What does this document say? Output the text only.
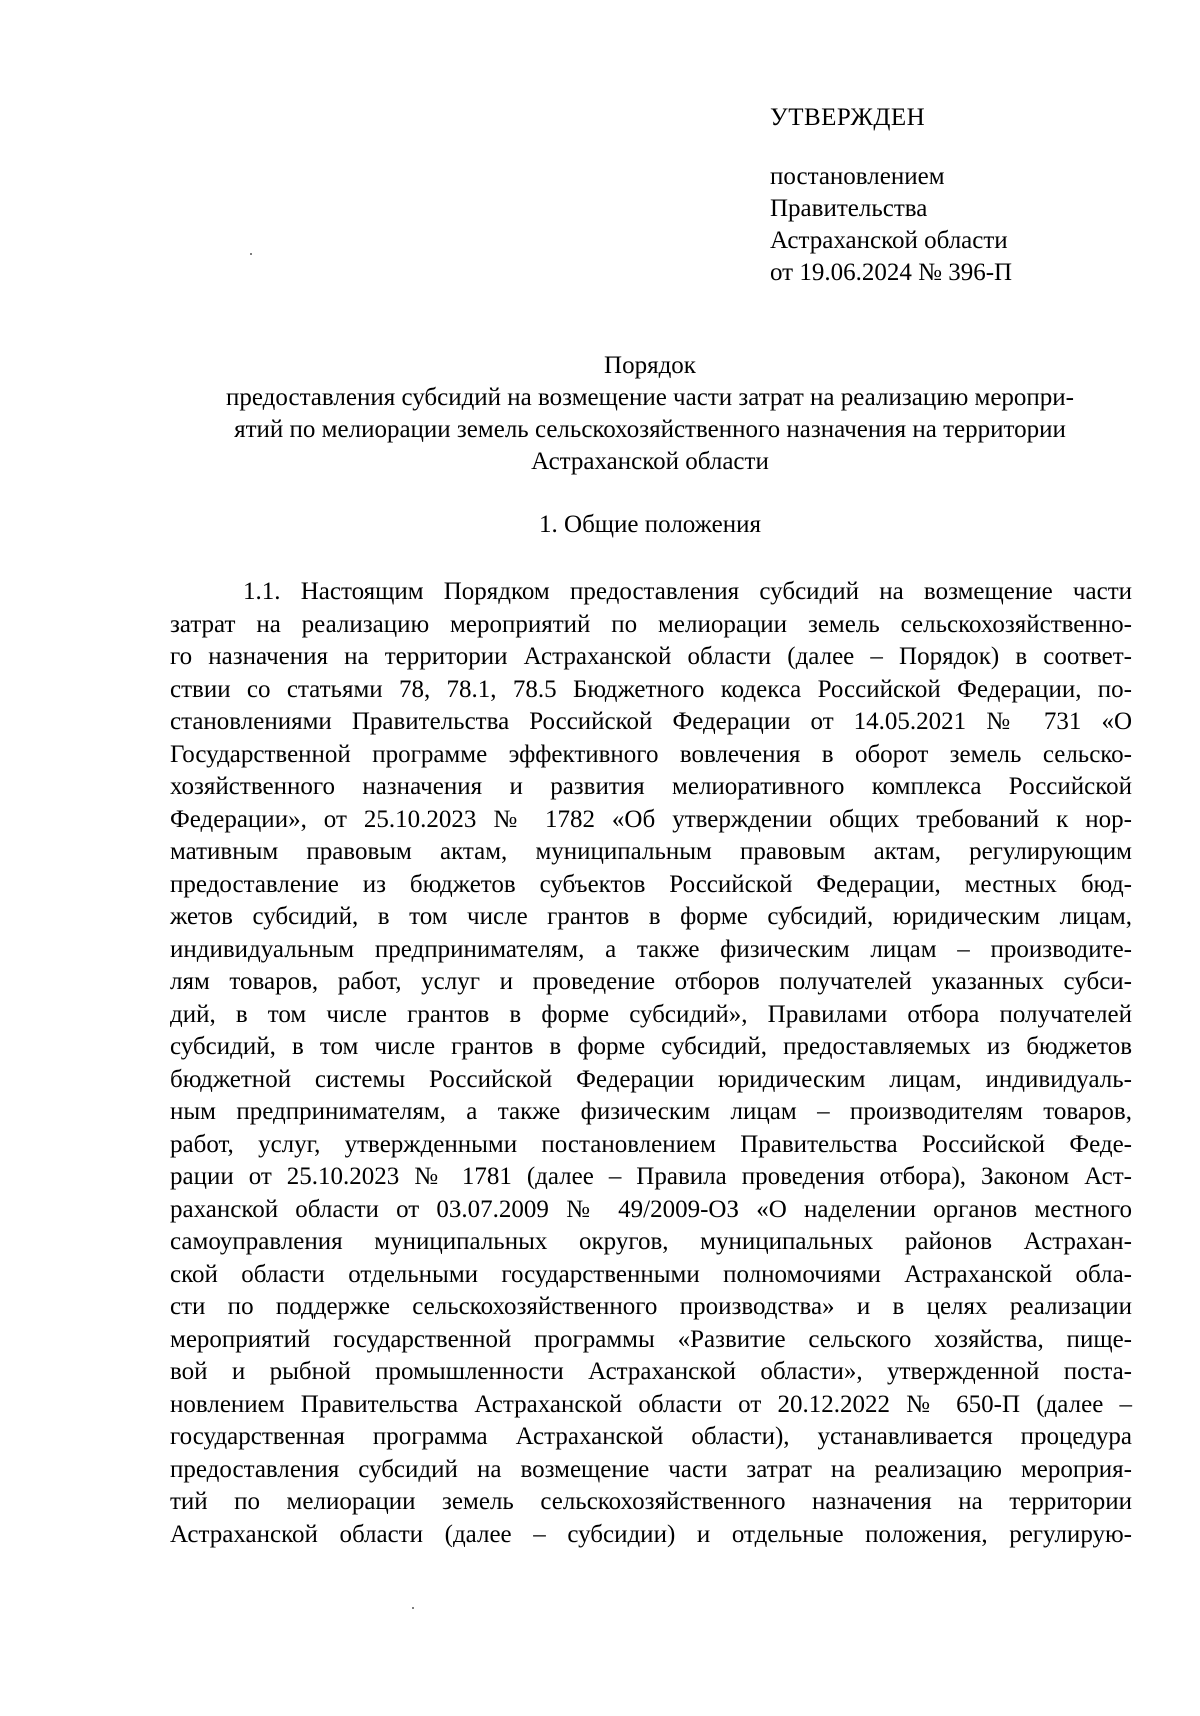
УТВЕРЖДЕН

постановлением

Правительства

Астраханской области

от 19.06.2024 № 396-П

Порядок
предоставления субсидий на возмещение части затрат на реализацию меропри-
ятий по мелиорации земель сельскохозяйственного назначения на территории
Астраханской области

1. Общие положения

1.1. Настоящим Порядком предоставления субсидий на возмещение части
затрат на реализацию мероприятий по мелиорации земель сельскохозяйственно-
го назначения на территории Астраханской области (далее – Порядок) в соответ-
ствии со статьями 78, 78.1, 78.5 Бюджетного кодекса Российской Федерации, по-
становлениями Правительства Российской Федерации от 14.05.2021 № 731 «О
Государственной программе эффективного вовлечения в оборот земель сельско-
хозяйственного назначения и развития мелиоративного комплекса Российской
Федерации», от 25.10.2023 № 1782 «Об утверждении общих требований к нор-
мативным правовым актам, муниципальным правовым актам, регулирующим
предоставление из бюджетов субъектов Российской Федерации, местных бюд-
жетов субсидий, в том числе грантов в форме субсидий, юридическим лицам,
индивидуальным предпринимателям, а также физическим лицам – производите-
лям товаров, работ, услуг и проведение отборов получателей указанных субси-
дий, в том числе грантов в форме субсидий», Правилами отбора получателей
субсидий, в том числе грантов в форме субсидий, предоставляемых из бюджетов
бюджетной системы Российской Федерации юридическим лицам, индивидуаль-
ным предпринимателям, а также физическим лицам – производителям товаров,
работ, услуг, утвержденными постановлением Правительства Российской Феде-
рации от 25.10.2023 № 1781 (далее – Правила проведения отбора), Законом Аст-
раханской области от 03.07.2009 № 49/2009-ОЗ «О наделении органов местного
самоуправления муниципальных округов, муниципальных районов Астрахан-
ской области отдельными государственными полномочиями Астраханской обла-
сти по поддержке сельскохозяйственного производства» и в целях реализации
мероприятий государственной программы «Развитие сельского хозяйства, пище-
вой и рыбной промышленности Астраханской области», утвержденной поста-
новлением Правительства Астраханской области от 20.12.2022 № 650-П (далее –
государственная программа Астраханской области), устанавливается процедура
предоставления субсидий на возмещение части затрат на реализацию мероприя-
тий по мелиорации земель сельскохозяйственного назначения на территории
Астраханской области (далее – субсидии) и отдельные положения, регулирую-
